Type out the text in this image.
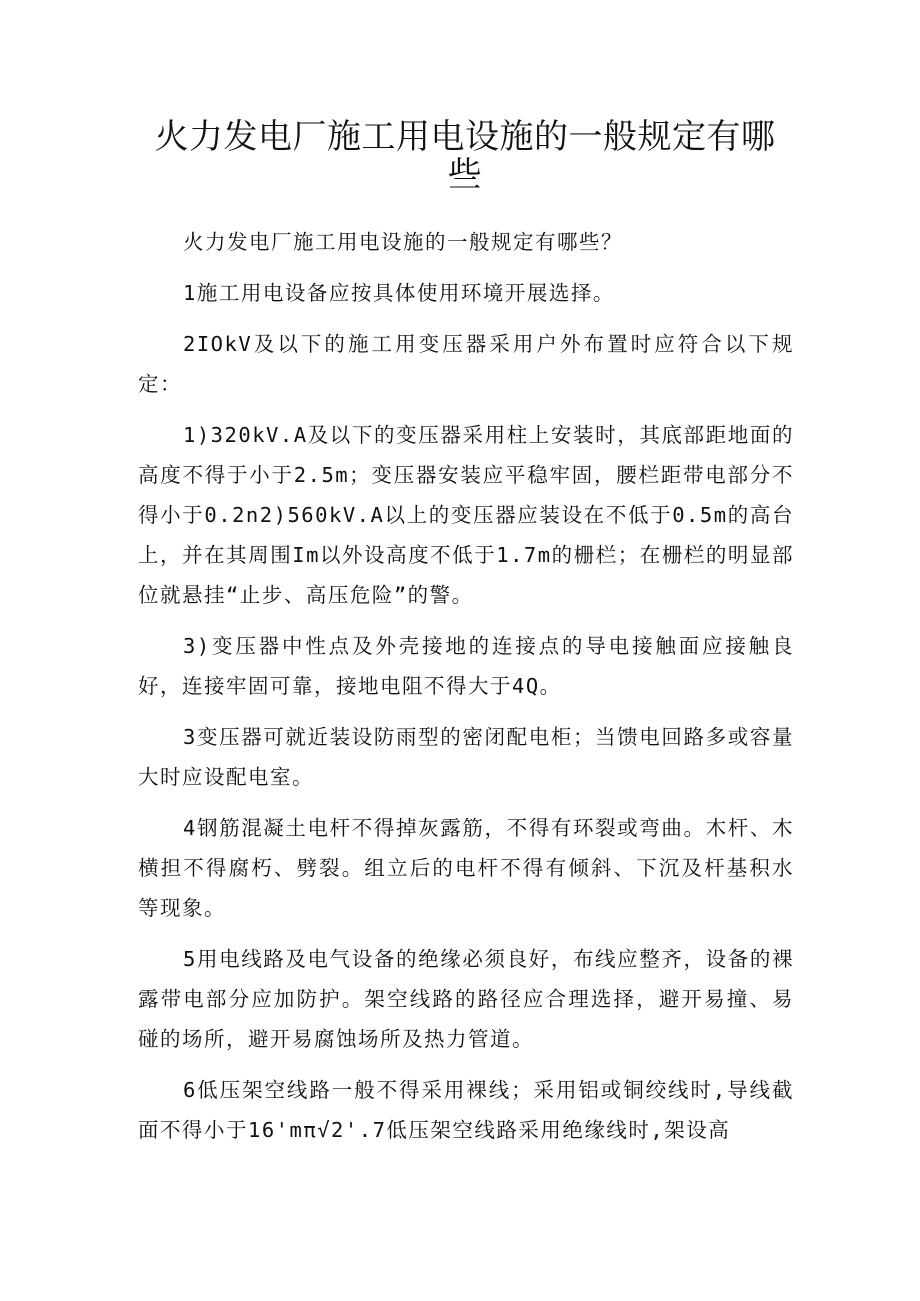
火力发电厂施工用电设施的一般规定有哪些

火力发电厂施工用电设施的一般规定有哪些？

1施工用电设备应按具体使用环境开展选择。

2IOkV及以下的施工用变压器采用户外布置时应符合以下规定：

1)320kV.A及以下的变压器采用柱上安装时，其底部距地面的高度不得于小于2.5m；变压器安装应平稳牢固，腰栏距带电部分不得小于0.2n2)560kV.A以上的变压器应装设在不低于0.5m的高台上，并在其周围Im以外设高度不低于1.7m的栅栏；在栅栏的明显部位就悬挂“止步、高压危险”的警。

3)变压器中性点及外壳接地的连接点的导电接触面应接触良好，连接牢固可靠，接地电阻不得大于4Q。

3变压器可就近装设防雨型的密闭配电柜；当馈电回路多或容量大时应设配电室。

4钢筋混凝土电杆不得掉灰露筋，不得有环裂或弯曲。木杆、木横担不得腐朽、劈裂。组立后的电杆不得有倾斜、下沉及杆基积水等现象。

5用电线路及电气设备的绝缘必须良好，布线应整齐，设备的裸露带电部分应加防护。架空线路的路径应合理选择，避开易撞、易碰的场所，避开易腐蚀场所及热力管道。

6低压架空线路一般不得采用裸线；采用铝或铜绞线时,导线截面不得小于16'mπ√2'.7低压架空线路采用绝缘线时,架设高
